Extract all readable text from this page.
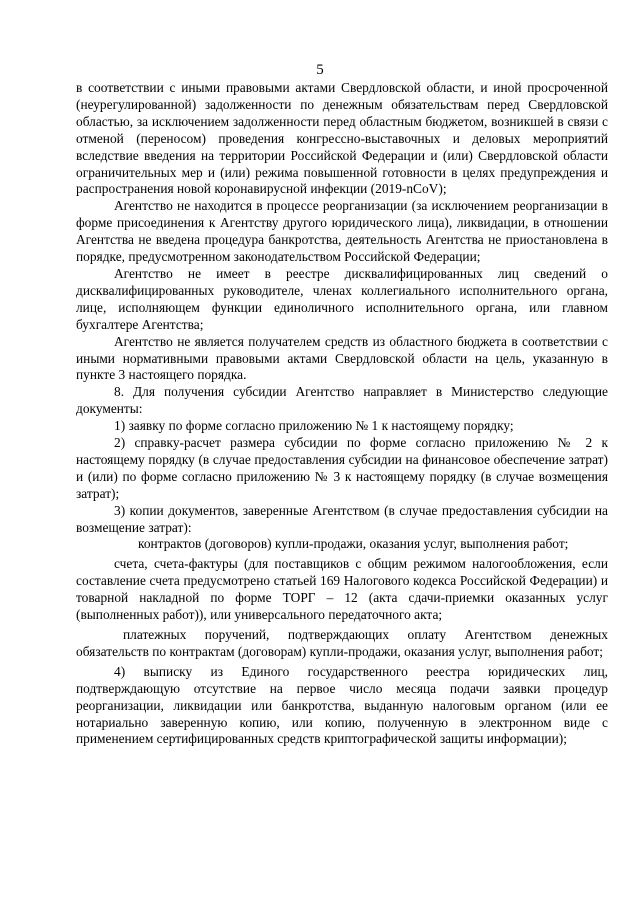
5

в соответствии с иными правовыми актами Свердловской области, и иной просроченной (неурегулированной) задолженности по денежным обязательствам перед Свердловской областью, за исключением задолженности перед областным бюджетом, возникшей в связи с отменой (переносом) проведения конгрессно-выставочных и деловых мероприятий вследствие введения на территории Российской Федерации и (или) Свердловской области ограничительных мер и (или) режима повышенной готовности в целях предупреждения и распространения новой коронавирусной инфекции (2019-nCoV);

Агентство не находится в процессе реорганизации (за исключением реорганизации в форме присоединения к Агентству другого юридического лица), ликвидации, в отношении Агентства не введена процедура банкротства, деятельность Агентства не приостановлена в порядке, предусмотренном законодательством Российской Федерации;

Агентство не имеет в реестре дисквалифицированных лиц сведений о дисквалифицированных руководителе, членах коллегиального исполнительного органа, лице, исполняющем функции единоличного исполнительного органа, или главном бухгалтере Агентства;

Агентство не является получателем средств из областного бюджета в соответствии с иными нормативными правовыми актами Свердловской области на цель, указанную в пункте 3 настоящего порядка.

8. Для получения субсидии Агентство направляет в Министерство следующие документы:

1) заявку по форме согласно приложению № 1 к настоящему порядку;

2) справку-расчет размера субсидии по форме согласно приложению № 2 к настоящему порядку (в случае предоставления субсидии на финансовое обеспечение затрат) и (или) по форме согласно приложению № 3 к настоящему порядку (в случае возмещения затрат);

3) копии документов, заверенные Агентством (в случае предоставления субсидии на возмещение затрат):

контрактов (договоров) купли-продажи, оказания услуг, выполнения работ;

счета, счета-фактуры (для поставщиков с общим режимом налогообложения, если составление счета предусмотрено статьей 169 Налогового кодекса Российской Федерации) и товарной накладной по форме ТОРГ – 12 (акта сдачи-приемки оказанных услуг (выполненных работ)), или универсального передаточного акта;

платежных поручений, подтверждающих оплату Агентством денежных обязательств по контрактам (договорам) купли-продажи, оказания услуг, выполнения работ;

4) выписку из Единого государственного реестра юридических лиц, подтверждающую отсутствие на первое число месяца подачи заявки процедур реорганизации, ликвидации или банкротства, выданную налоговым органом (или ее нотариально заверенную копию, или копию, полученную в электронном виде с применением сертифицированных средств криптографической защиты информации);
